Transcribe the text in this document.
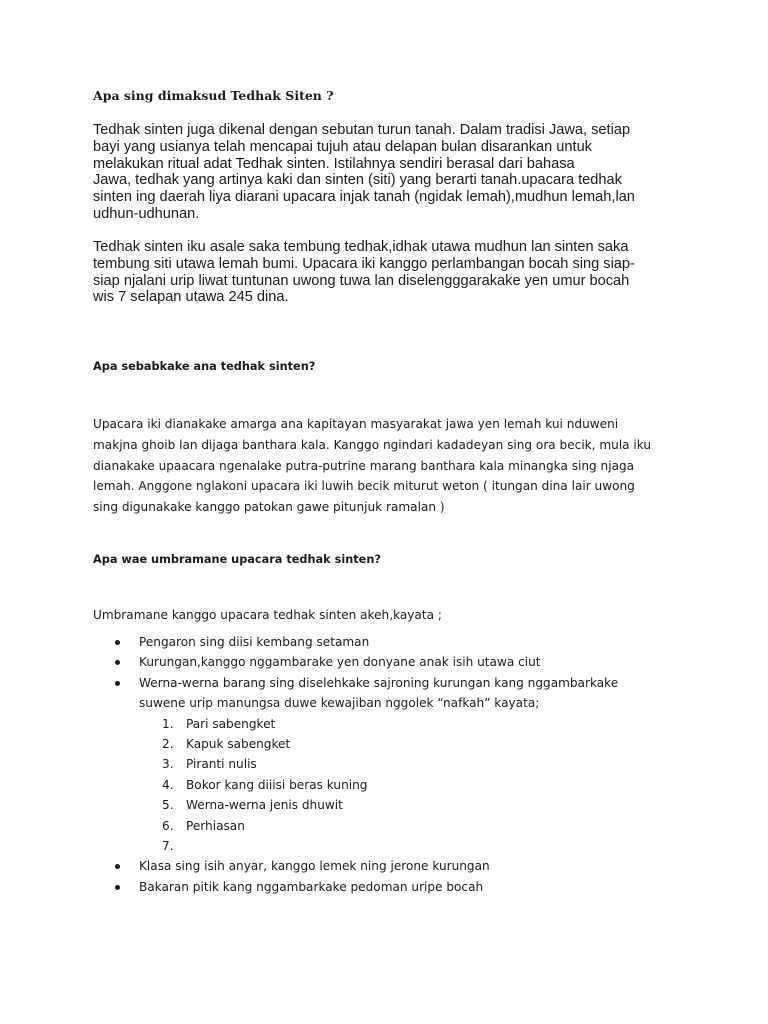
Apa sing dimaksud Tedhak Siten ?

Tedhak sinten juga dikenal dengan sebutan turun tanah. Dalam tradisi Jawa, setiap
bayi yang usianya telah mencapai tujuh atau delapan bulan disarankan untuk
melakukan ritual adat Tedhak sinten. Istilahnya sendiri berasal dari bahasa
Jawa, tedhak yang artinya kaki dan sinten (siti) yang berarti tanah.upacara tedhak
sinten ing daerah liya diarani upacara injak tanah (ngidak lemah),mudhun lemah,lan
udhun-udhunan.

Tedhak sinten iku asale saka tembung tedhak,idhak utawa mudhun lan sinten saka
tembung siti utawa lemah bumi. Upacara iki kanggo perlambangan bocah sing siap-
siap njalani urip liwat tuntunan uwong tuwa lan diselengggarakake yen umur bocah
wis 7 selapan utawa 245 dina.

Apa sebabkake ana tedhak sinten?

Upacara iki dianakake amarga ana kapitayan masyarakat jawa yen lemah kui nduweni
makjna ghoib lan dijaga banthara kala. Kanggo ngindari kadadeyan sing ora becik, mula iku
dianakake upaacara ngenalake putra-putrine marang banthara kala minangka sing njaga
lemah. Anggone nglakoni upacara iki luwih becik miturut weton ( itungan dina lair uwong
sing digunakake kanggo patokan gawe pitunjuk ramalan )

Apa wae umbramane upacara tedhak sinten?

Umbramane kanggo upacara tedhak sinten akeh,kayata ;

Pengaron sing diisi kembang setaman
Kurungan,kanggo nggambarake yen donyane anak isih utawa ciut
Werna-werna barang sing diselehkake sajroning kurungan kang nggambarkake
suwene urip manungsa duwe kewajiban nggolek “nafkah” kayata;
1.	Pari sabengket
2.	Kapuk sabengket
3.	Piranti nulis
4.	Bokor kang diiisi beras kuning
5.	Werna-werna jenis dhuwit
6.	Perhiasan
7.
Klasa sing isih anyar, kanggo lemek ning jerone kurungan
Bakaran pitik kang nggambarkake pedoman uripe bocah
